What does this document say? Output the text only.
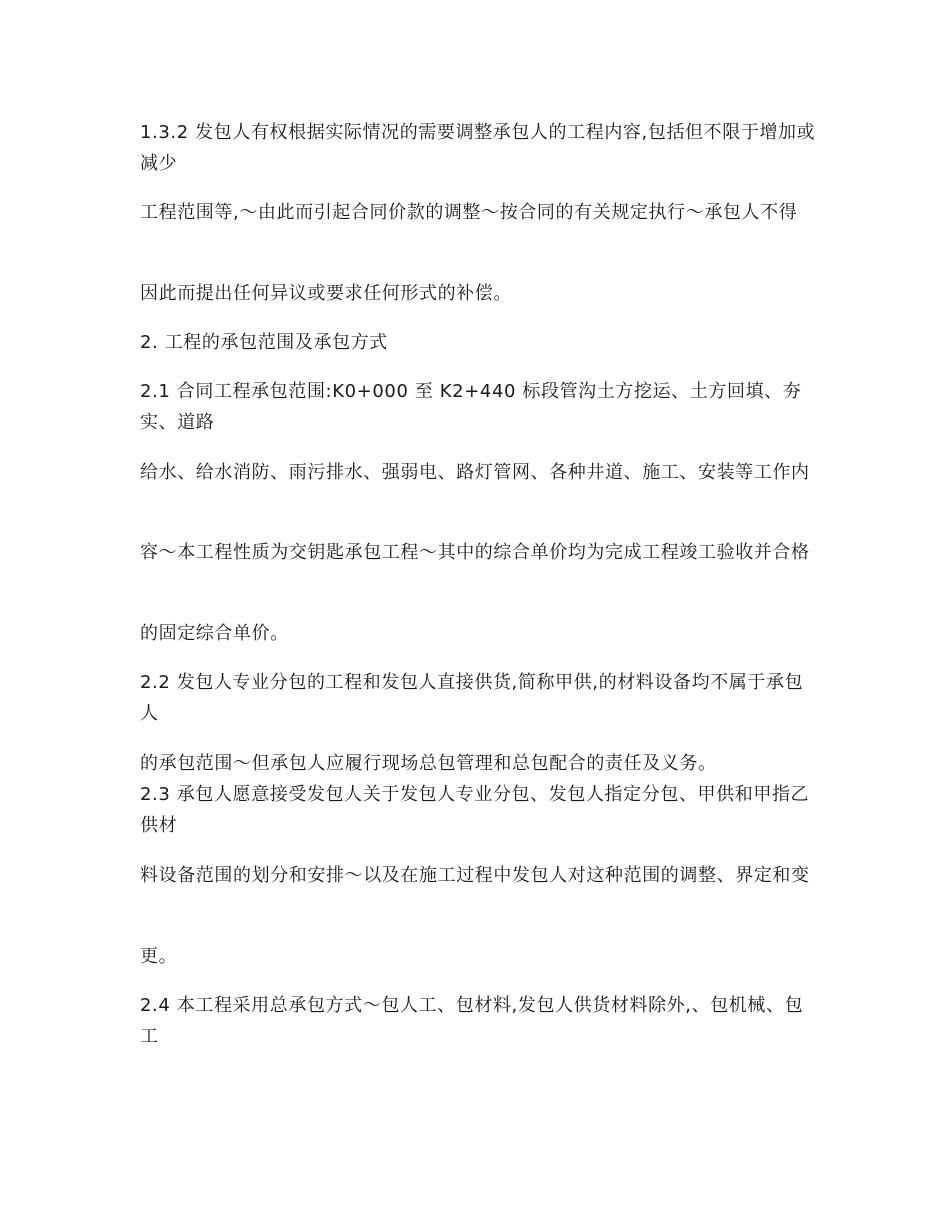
1.3.2 发包人有权根据实际情况的需要调整承包人的工程内容,包括但不限于增加或减少

工程范围等,～由此而引起合同价款的调整～按合同的有关规定执行～承包人不得

因此而提出任何异议或要求任何形式的补偿。

2. 工程的承包范围及承包方式

2.1 合同工程承包范围:K0+000 至 K2+440 标段管沟土方挖运、土方回填、夯实、道路

给水、给水消防、雨污排水、强弱电、路灯管网、各种井道、施工、安装等工作内

容～本工程性质为交钥匙承包工程～其中的综合单价均为完成工程竣工验收并合格

的固定综合单价。

2.2 发包人专业分包的工程和发包人直接供货,简称甲供,的材料设备均不属于承包人

的承包范围～但承包人应履行现场总包管理和总包配合的责任及义务。

2.3 承包人愿意接受发包人关于发包人专业分包、发包人指定分包、甲供和甲指乙供材

料设备范围的划分和安排～以及在施工过程中发包人对这种范围的调整、界定和变

更。

2.4 本工程采用总承包方式～包人工、包材料,发包人供货材料除外,、包机械、包工
